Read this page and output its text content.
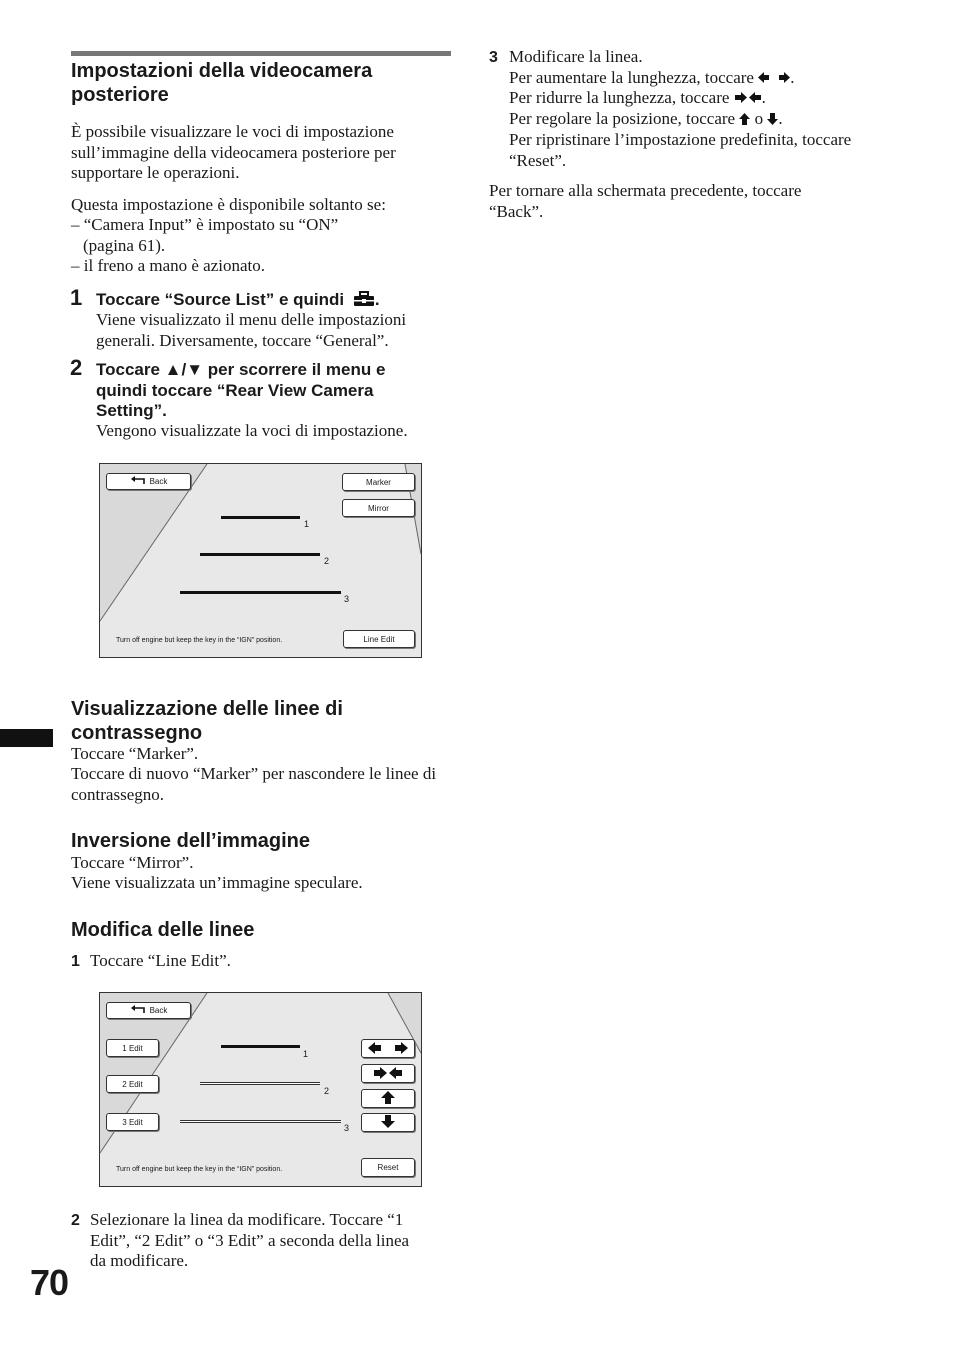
Impostazioni della videocamera posteriore

È possibile visualizzare le voci di impostazione sull’immagine della videocamera posteriore per supportare le operazioni.

Questa impostazione è disponibile soltanto se:

– “Camera Input” è impostato su “ON” (pagina 61).

– il freno a mano è azionato.

1 Toccare “Source List” e quindi .

Viene visualizzato il menu delle impostazioni generali. Diversamente, toccare “General”.

2 Toccare ▲/▼ per scorrere il menu e quindi toccare “Rear View Camera Setting”.

Vengono visualizzate la voci di impostazione.

Back	Marker
Mirror
1
2
3
Turn off engine but keep the key in the “IGN” position.	Line Edit
Visualizzazione delle linee di contrassegno

Toccare “Marker”.

Toccare di nuovo “Marker” per nascondere le linee di contrassegno.

Inversione dell’immagine

Toccare “Mirror”.

Viene visualizzata un’immagine speculare.

Modifica delle linee
1 Toccare “Line Edit”.

Back
1 Edit
2 Edit
3 Edit
1
2
3
Turn off engine but keep the key in the “IGN” position.	Reset
2 Selezionare la linea da modificare. Toccare “1 Edit”, “2 Edit” o “3 Edit” a seconda della linea da modificare.

70
3 Modificare la linea.

Per aumentare la lunghezza, toccare .

Per ridurre la lunghezza, toccare .

Per regolare la posizione, toccare o .

Per ripristinare l’impostazione predefinita, toccare “Reset”.

Per tornare alla schermata precedente, toccare “Back”.
